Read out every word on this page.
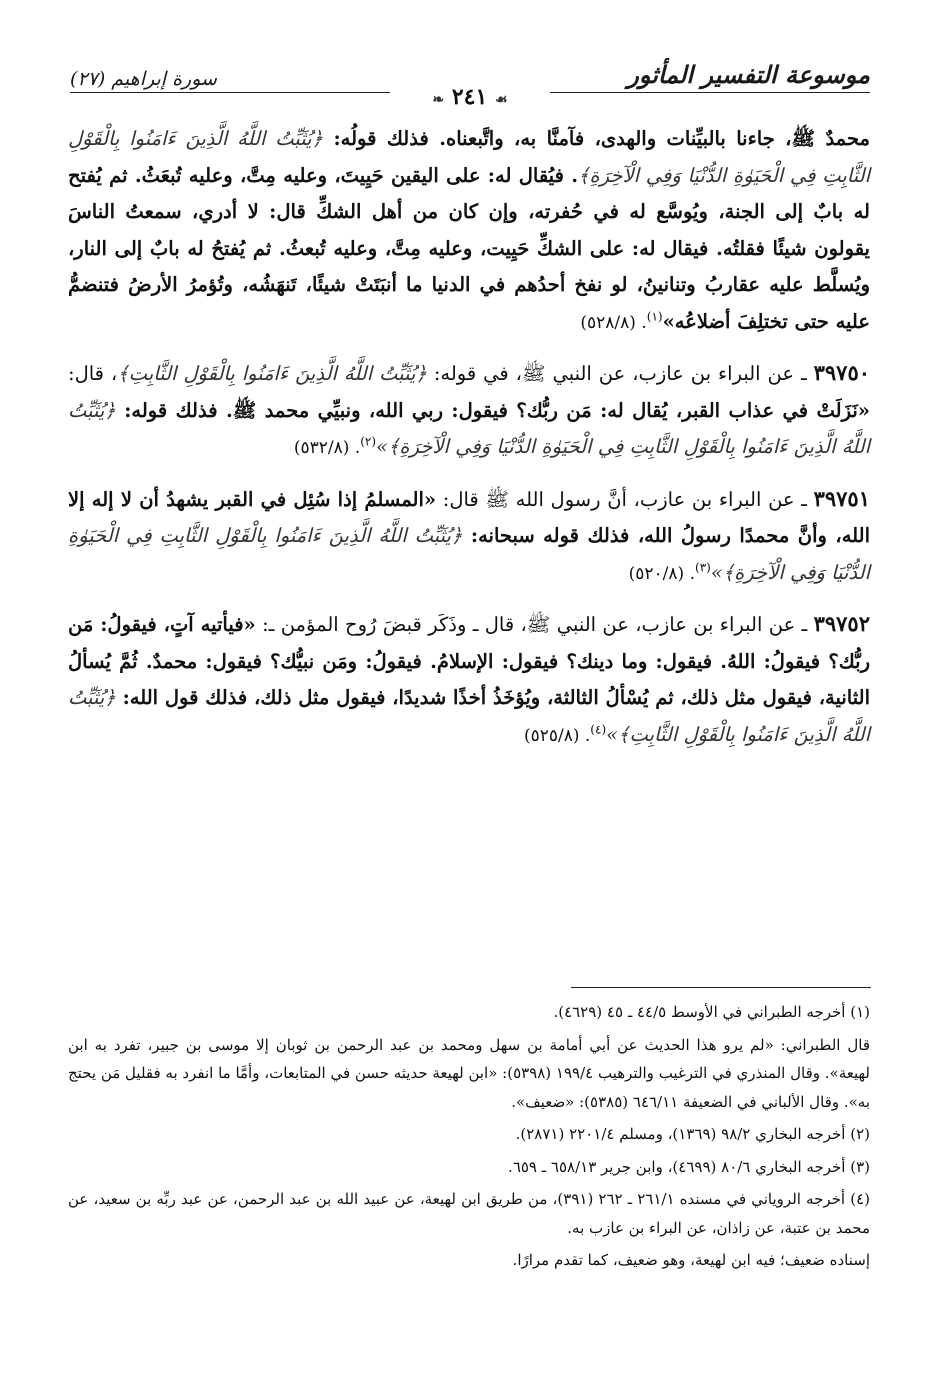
موسوعة التفسير المأثور
☙ ٢٤١ ❧
سورة إبراهيم (٢٧)

محمدٌ ﷺ، جاءنا بالبيِّنات والهدى، فآمنَّا به، واتَّبعناه. فذلك قولُه: ﴿يُثَبِّتُ اللَّهُ الَّذِينَ ءَامَنُوا بِالْقَوْلِ الثَّابِتِ فِي الْحَيَوٰةِ الدُّنْيَا وَفِي الْآخِرَةِ﴾. فيُقال له: على اليقين حَيِيتَ، وعليه مِتَّ، وعليه تُبعَثُ. ثم يُفتح له بابٌ إلى الجنة، ويُوسَّع له في حُفرته، وإن كان من أهل الشكِّ قال: لا أدري، سمعتُ الناسَ يقولون شيئًا فقلتُه. فيقال له: على الشكِّ حَيِيت، وعليه مِتَّ، وعليه تُبعثُ. ثم يُفتحُ له بابٌ إلى النار، ويُسلَّط عليه عقاربُ وتنانينُ، لو نفخ أحدُهم في الدنيا ما أنبَتَتْ شيئًا، تَنهَشُه، وتُؤمرُ الأرضُ فتنضمُّ عليه حتى تختلِفَ أضلاعُه»$^{(١)}$. (٥٢٨/٨)

٣٩٧٥٠ ـ عن البراء بن عازب، عن النبي ﷺ، في قوله: ﴿يُثَبِّتُ اللَّهُ الَّذِينَ ءَامَنُوا بِالْقَوْلِ الثَّابِتِ﴾، قال: «نَزَلَتْ في عذاب القبر، يُقال له: مَن ربُّك؟ فيقول: ربي الله، ونبيِّي محمد ﷺ. فذلك قوله: ﴿يُثَبِّتُ اللَّهُ الَّذِينَ ءَامَنُوا بِالْقَوْلِ الثَّابِتِ فِي الْحَيَوٰةِ الدُّنْيَا وَفِي الْآخِرَةِ﴾»$^{(٢)}$. (٥٣٢/٨)

٣٩٧٥١ ـ عن البراء بن عازب، أنَّ رسول الله ﷺ قال: «المسلمُ إذا سُئِل في القبر يشهدُ أن لا إله إلا الله، وأنَّ محمدًا رسولُ الله، فذلك قوله سبحانه: ﴿يُثَبِّتُ اللَّهُ الَّذِينَ ءَامَنُوا بِالْقَوْلِ الثَّابِتِ فِي الْحَيَوٰةِ الدُّنْيَا وَفِي الْآخِرَةِ﴾»$^{(٣)}$. (٥٢٠/٨)

٣٩٧٥٢ ـ عن البراء بن عازب، عن النبي ﷺ، قال ـ وذَكَر قبضَ رُوح المؤمن ـ: «فيأتيه آتٍ، فيقولُ: مَن ربُّك؟ فيقولُ: اللهُ. فيقول: وما دينك؟ فيقول: الإسلامُ. فيقولُ: ومَن نبيُّك؟ فيقول: محمدٌ. ثُمَّ يُسألُ الثانية، فيقول مثل ذلك، ثم يُسْألُ الثالثة، ويُؤخَذُ أخذًا شديدًا، فيقول مثل ذلك، فذلك قول الله: ﴿يُثَبِّتُ اللَّهُ الَّذِينَ ءَامَنُوا بِالْقَوْلِ الثَّابِتِ﴾»$^{(٤)}$. (٥٢٥/٨)

(١) أخرجه الطبراني في الأوسط ٤٤/٥ ـ ٤٥ (٤٦٢٩).

قال الطبراني: «لم يرو هذا الحديث عن أبي أمامة بن سهل ومحمد بن عبد الرحمن بن ثوبان إلا موسى بن جبير، تفرد به ابن لهيعة». وقال المنذري في الترغيب والترهيب ١٩٩/٤ (٥٣٩٨): «ابن لهيعة حديثه حسن في المتابعات، وأمَّا ما انفرد به فقليل مَن يحتج به». وقال الألباني في الضعيفة ٦٤٦/١١ (٥٣٨٥): «ضعيف».

(٢) أخرجه البخاري ٩٨/٢ (١٣٦٩)، ومسلم ٢٢٠١/٤ (٢٨٧١).

(٣) أخرجه البخاري ٨٠/٦ (٤٦٩٩)، وابن جرير ٦٥٨/١٣ ـ ٦٥٩.

(٤) أخرجه الروياني في مسنده ٢٦١/١ ـ ٢٦٢ (٣٩١)، من طريق ابن لهيعة، عن عبيد الله بن عبد الرحمن، عن عبد ربِّه بن سعيد، عن محمد بن عتبة، عن زاذان، عن البراء بن عازب به.

إسناده ضعيف؛ فيه ابن لهيعة، وهو ضعيف، كما تقدم مرارًا.
